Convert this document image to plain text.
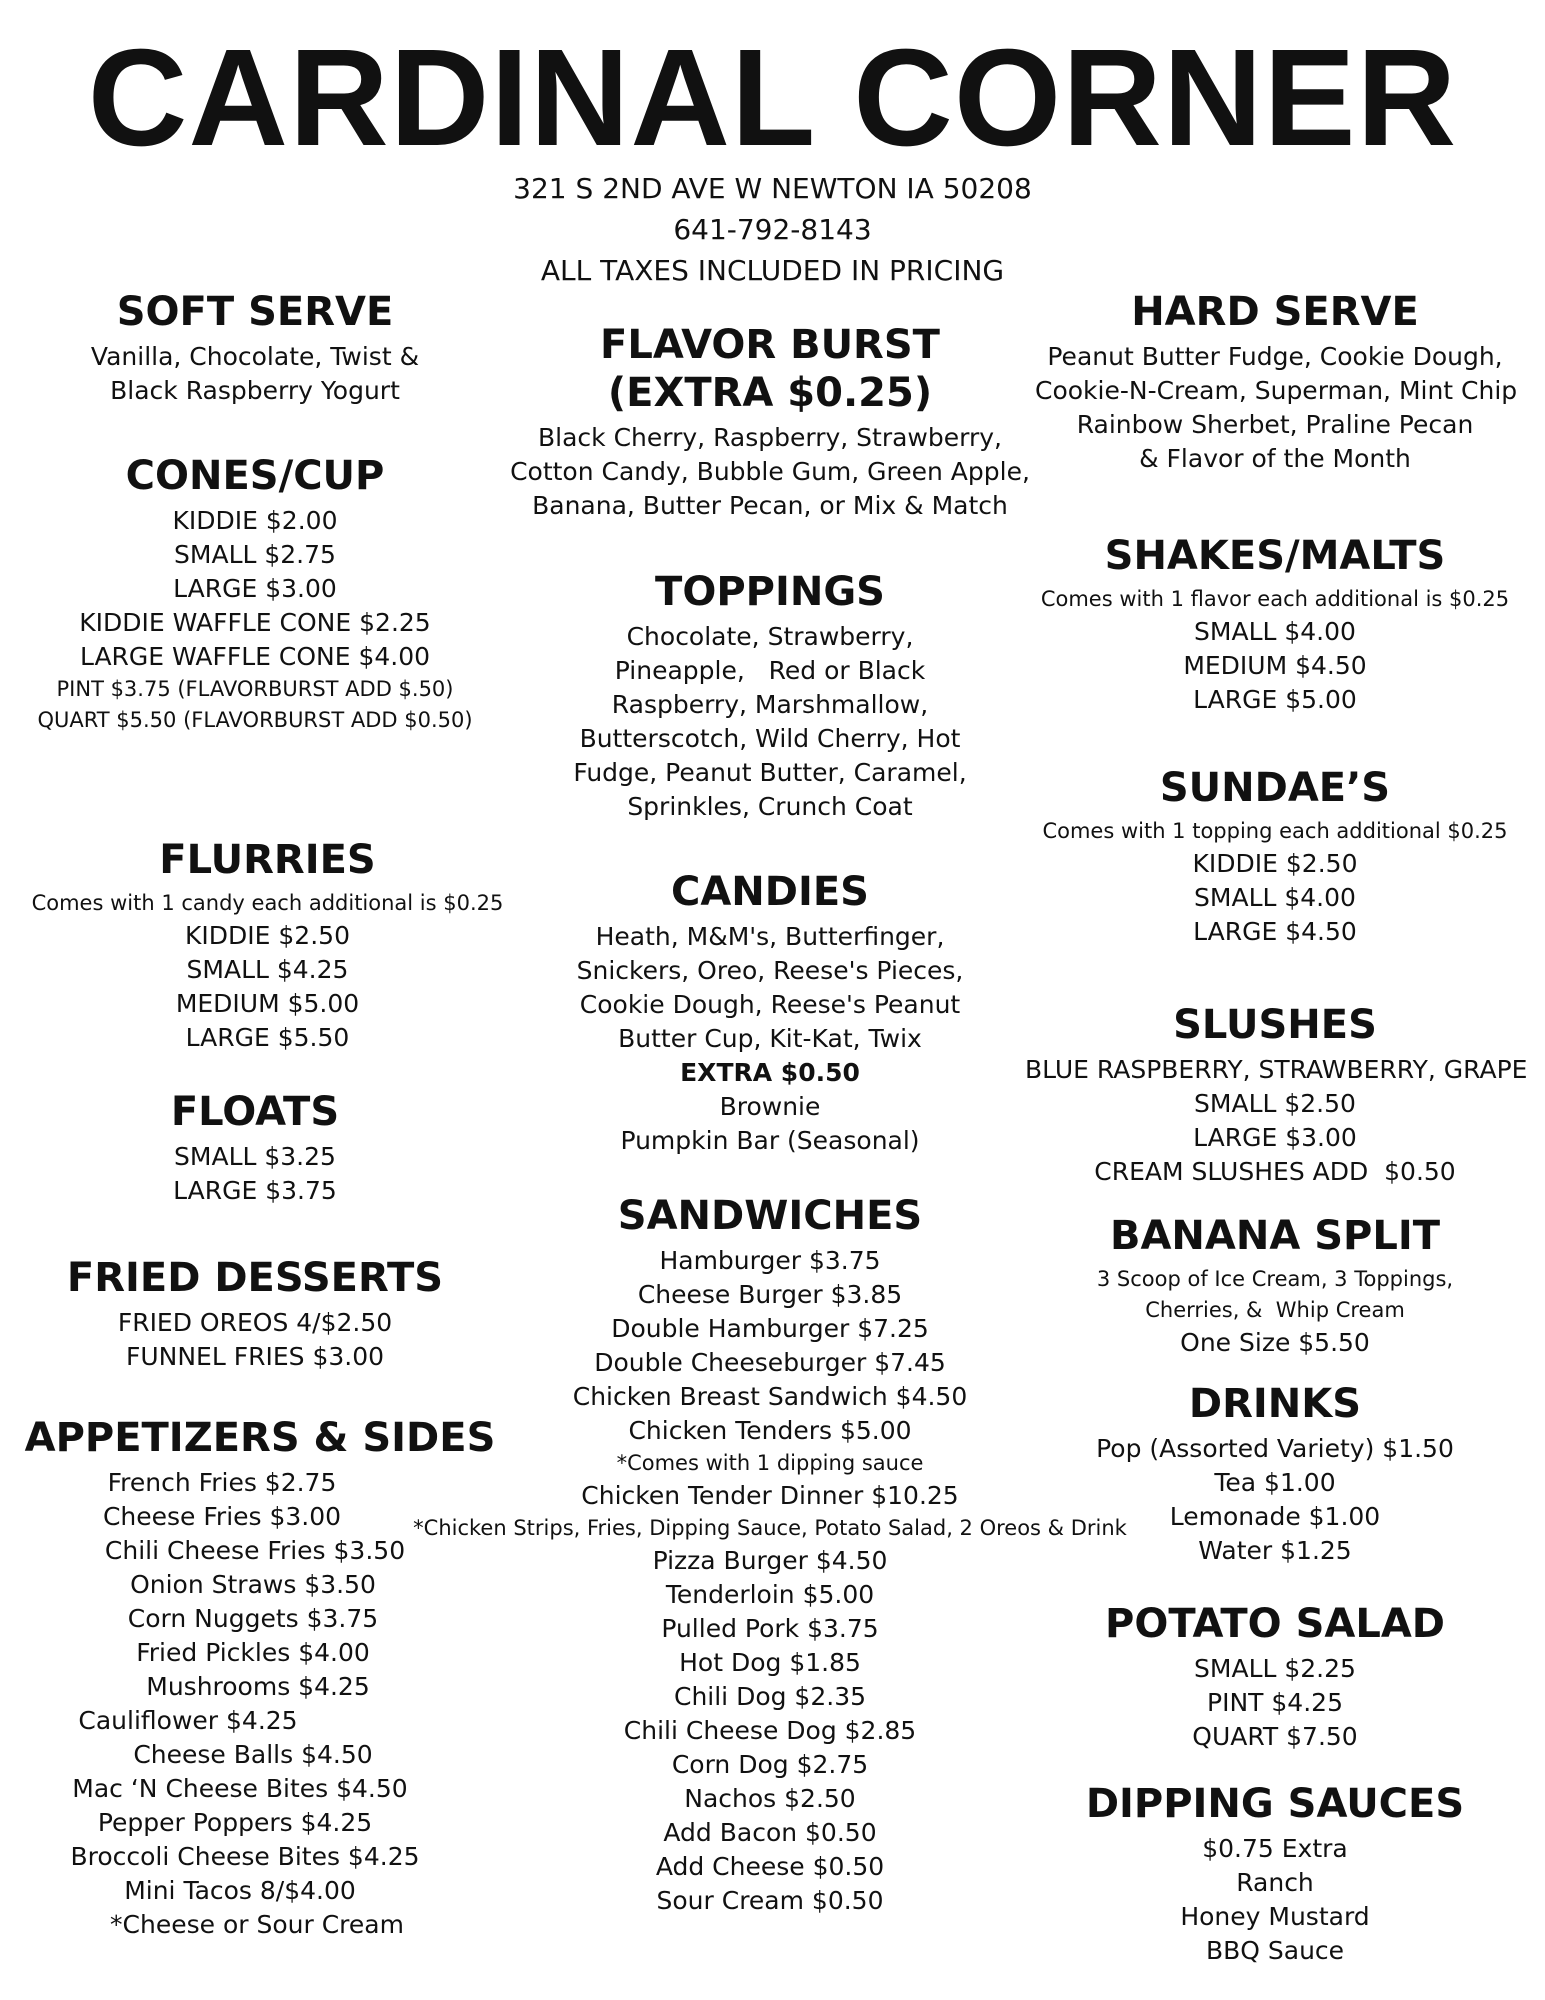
CARDINAL CORNER
321 S 2ND AVE W NEWTON IA 50208
641-792-8143
ALL TAXES INCLUDED IN PRICING
SOFT SERVE
Vanilla, Chocolate, Twist &
Black Raspberry Yogurt
CONES/CUP
KIDDIE $2.00
SMALL $2.75
LARGE $3.00
KIDDIE WAFFLE CONE $2.25
LARGE WAFFLE CONE $4.00
PINT $3.75 (FLAVORBURST ADD $.50)
QUART $5.50 (FLAVORBURST ADD $0.50)
FLURRIES
Comes with 1 candy each additional is $0.25
KIDDIE $2.50
SMALL $4.25
MEDIUM $5.00
LARGE $5.50
FLOATS
SMALL $3.25
LARGE $3.75
FRIED DESSERTS
FRIED OREOS 4/$2.50
FUNNEL FRIES $3.00
APPETIZERS & SIDES
French Fries $2.75
Cheese Fries $3.00
Chili Cheese Fries $3.50
Onion Straws $3.50
Corn Nuggets $3.75
Fried Pickles $4.00
Mushrooms $4.25
Cauliflower $4.25
Cheese Balls $4.50
Mac ‘N Cheese Bites $4.50
Pepper Poppers $4.25
Broccoli Cheese Bites $4.25
Mini Tacos 8/$4.00
*Cheese or Sour Cream
FLAVOR BURST
(EXTRA $0.25)
Black Cherry, Raspberry, Strawberry,
Cotton Candy, Bubble Gum, Green Apple,
Banana, Butter Pecan, or Mix & Match
TOPPINGS
Chocolate, Strawberry,
Pineapple,   Red or Black
Raspberry, Marshmallow,
Butterscotch, Wild Cherry, Hot
Fudge, Peanut Butter, Caramel,
Sprinkles, Crunch Coat
CANDIES
Heath, M&M's, Butterfinger,
Snickers, Oreo, Reese's Pieces,
Cookie Dough, Reese's Peanut
Butter Cup, Kit-Kat, Twix
EXTRA $0.50
Brownie
Pumpkin Bar (Seasonal)
SANDWICHES
Hamburger $3.75
Cheese Burger $3.85
Double Hamburger $7.25
Double Cheeseburger $7.45
Chicken Breast Sandwich $4.50
Chicken Tenders $5.00
*Comes with 1 dipping sauce
Chicken Tender Dinner $10.25
*Chicken Strips, Fries, Dipping Sauce, Potato Salad, 2 Oreos & Drink
Pizza Burger $4.50
Tenderloin $5.00
Pulled Pork $3.75
Hot Dog $1.85
Chili Dog $2.35
Chili Cheese Dog $2.85
Corn Dog $2.75
Nachos $2.50
Add Bacon $0.50
Add Cheese $0.50
Sour Cream $0.50
HARD SERVE
Peanut Butter Fudge, Cookie Dough,
Cookie-N-Cream, Superman, Mint Chip
Rainbow Sherbet, Praline Pecan
& Flavor of the Month
SHAKES/MALTS
Comes with 1 flavor each additional is $0.25
SMALL $4.00
MEDIUM $4.50
LARGE $5.00
SUNDAE’S
Comes with 1 topping each additional $0.25
KIDDIE $2.50
SMALL $4.00
LARGE $4.50
SLUSHES
BLUE RASPBERRY, STRAWBERRY, GRAPE
SMALL $2.50
LARGE $3.00
CREAM SLUSHES ADD  $0.50
BANANA SPLIT
3 Scoop of Ice Cream, 3 Toppings,
Cherries, &  Whip Cream
One Size $5.50
DRINKS
Pop (Assorted Variety) $1.50
Tea $1.00
Lemonade $1.00
Water $1.25
POTATO SALAD
SMALL $2.25
PINT $4.25
QUART $7.50
DIPPING SAUCES
$0.75 Extra
Ranch
Honey Mustard
BBQ Sauce
